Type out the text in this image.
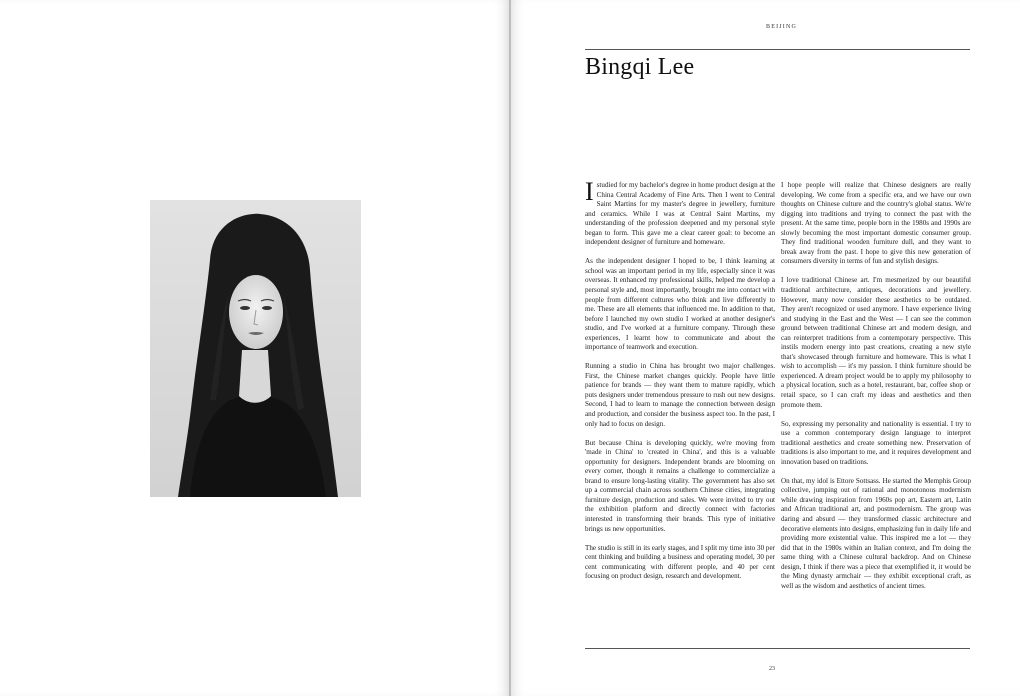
BEIJING
Bingqi Lee

I studied for my bachelor's degree in home product design at the China Central Academy of Fine Arts. Then I went to Central Saint Martins for my master's degree in jewellery, furniture and ceramics. While I was at Central Saint Martins, my understanding of the profession deepened and my personal style began to form. This gave me a clear career goal: to become an independent designer of furniture and homeware.

As the independent designer I hoped to be, I think learning at school was an important period in my life, especially since it was overseas. It enhanced my professional skills, helped me develop a personal style and, most importantly, brought me into contact with people from different cultures who think and live differently to me. These are all elements that influenced me. In addition to that, before I launched my own studio I worked at another designer's studio, and I've worked at a furniture company. Through these experiences, I learnt how to communicate and about the importance of teamwork and execution.

Running a studio in China has brought two major challenges. First, the Chinese market changes quickly. People have little patience for brands — they want them to mature rapidly, which puts designers under tremendous pressure to rush out new designs. Second, I had to learn to manage the connection between design and production, and consider the business aspect too. In the past, I only had to focus on design.

But because China is developing quickly, we're moving from 'made in China' to 'created in China', and this is a valuable opportunity for designers. Independent brands are blooming on every corner, though it remains a challenge to commercialize a brand to ensure long-lasting vitality. The government has also set up a commercial chain across southern Chinese cities, integrating furniture design, production and sales. We were invited to try out the exhibition platform and directly connect with factories interested in transforming their brands. This type of initiative brings us new opportunities.

The studio is still in its early stages, and I split my time into 30 per cent thinking and building a business and operating model, 30 per cent communicating with different people, and 40 per cent focusing on product design, research and development.

I hope people will realize that Chinese designers are really developing. We come from a specific era, and we have our own thoughts on Chinese culture and the country's global status. We're digging into traditions and trying to connect the past with the present. At the same time, people born in the 1980s and 1990s are slowly becoming the most important domestic consumer group. They find traditional wooden furniture dull, and they want to break away from the past. I hope to give this new generation of consumers diversity in terms of fun and stylish designs.

I love traditional Chinese art. I'm mesmerized by our beautiful traditional architecture, antiques, decorations and jewellery. However, many now consider these aesthetics to be outdated. They aren't recognized or used anymore. I have experience living and studying in the East and the West — I can see the common ground between traditional Chinese art and modern design, and can reinterpret traditions from a contemporary perspective. This instils modern energy into past creations, creating a new style that's showcased through furniture and homeware. This is what I wish to accomplish — it's my passion. I think furniture should be experienced. A dream project would be to apply my philosophy to a physical location, such as a hotel, restaurant, bar, coffee shop or retail space, so I can craft my ideas and aesthetics and then promote them.

So, expressing my personality and nationality is essential. I try to use a common contemporary design language to interpret traditional aesthetics and create something new. Preservation of traditions is also important to me, and it requires development and innovation based on traditions.

On that, my idol is Ettore Sottsass. He started the Memphis Group collective, jumping out of rational and monotonous modernism while drawing inspiration from 1960s pop art, Eastern art, Latin and African traditional art, and postmodernism. The group was daring and absurd — they transformed classic architecture and decorative elements into designs, emphasizing fun in daily life and providing more existential value. This inspired me a lot — they did that in the 1980s within an Italian context, and I'm doing the same thing with a Chinese cultural backdrop. And on Chinese design, I think if there was a piece that exemplified it, it would be the Ming dynasty armchair — they exhibit exceptional craft, as well as the wisdom and aesthetics of ancient times.

23
